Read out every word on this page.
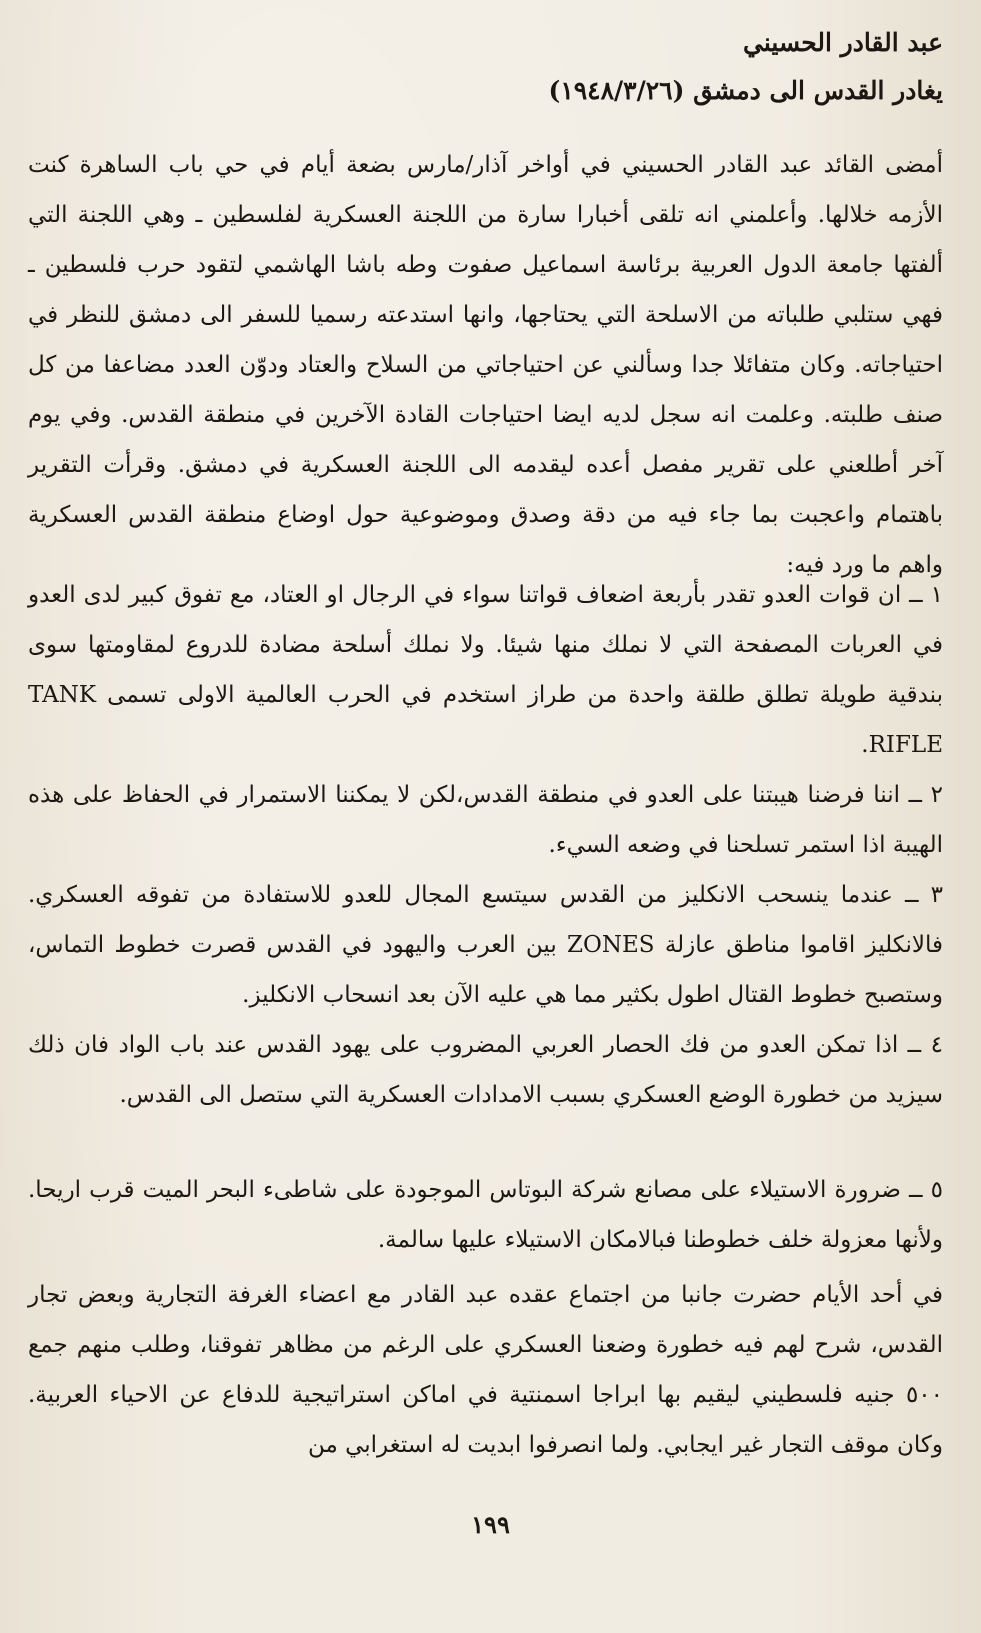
عبد القادر الحسيني
يغادر القدس الى دمشق (١٩٤٨/٣/٢٦)

أمضى القائد عبد القادر الحسيني في أواخر آذار/مارس بضعة أيام في حي باب الساهرة كنت الأزمه خلالها. وأعلمني انه تلقى أخبارا سارة من اللجنة العسكرية لفلسطين ـ وهي اللجنة التي ألفتها جامعة الدول العربية برئاسة اسماعيل صفوت وطه باشا الهاشمي لتقود حرب فلسطين ـ فهي ستلبي طلباته من الاسلحة التي يحتاجها، وانها استدعته رسميا للسفر الى دمشق للنظر في احتياجاته. وكان متفائلا جدا وسألني عن احتياجاتي من السلاح والعتاد ودوّن العدد مضاعفا من كل صنف طلبته. وعلمت انه سجل لديه ايضا احتياجات القادة الآخرين في منطقة القدس. وفي يوم آخر أطلعني على تقرير مفصل أعده ليقدمه الى اللجنة العسكرية في دمشق. وقرأت التقرير باهتمام واعجبت بما جاء فيه من دقة وصدق وموضوعية حول اوضاع منطقة القدس العسكرية واهم ما ورد فيه:

١ ــ ان قوات العدو تقدر بأربعة اضعاف قواتنا سواء في الرجال او العتاد، مع تفوق كبير لدى العدو في العربات المصفحة التي لا نملك منها شيئا. ولا نملك أسلحة مضادة للدروع لمقاومتها سوى بندقية طويلة تطلق طلقة واحدة من طراز استخدم في الحرب العالمية الاولى تسمى TANK RIFLE.

٢ ــ اننا فرضنا هيبتنا على العدو في منطقة القدس،لكن لا يمكننا الاستمرار في الحفاظ على هذه الهيبة اذا استمر تسلحنا في وضعه السيء.

٣ ــ عندما ينسحب الانكليز من القدس سيتسع المجال للعدو للاستفادة من تفوقه العسكري. فالانكليز اقاموا مناطق عازلة ZONES بين العرب واليهود في القدس قصرت خطوط التماس، وستصبح خطوط القتال اطول بكثير مما هي عليه الآن بعد انسحاب الانكليز.

٤ ــ اذا تمكن العدو من فك الحصار العربي المضروب على يهود القدس عند باب الواد فان ذلك سيزيد من خطورة الوضع العسكري بسبب الامدادات العسكرية التي ستصل الى القدس.

٥ ــ ضرورة الاستيلاء على مصانع شركة البوتاس الموجودة على شاطىء البحر الميت قرب اريحا. ولأنها معزولة خلف خطوطنا فبالامكان الاستيلاء عليها سالمة.

في أحد الأيام حضرت جانبا من اجتماع عقده عبد القادر مع اعضاء الغرفة التجارية وبعض تجار القدس، شرح لهم فيه خطورة وضعنا العسكري على الرغم من مظاهر تفوقنا، وطلب منهم جمع ٥٠٠ جنيه فلسطيني ليقيم بها ابراجا اسمنتية في اماكن استراتيجية للدفاع عن الاحياء العربية. وكان موقف التجار غير ايجابي. ولما انصرفوا ابديت له استغرابي من

١٩٩
